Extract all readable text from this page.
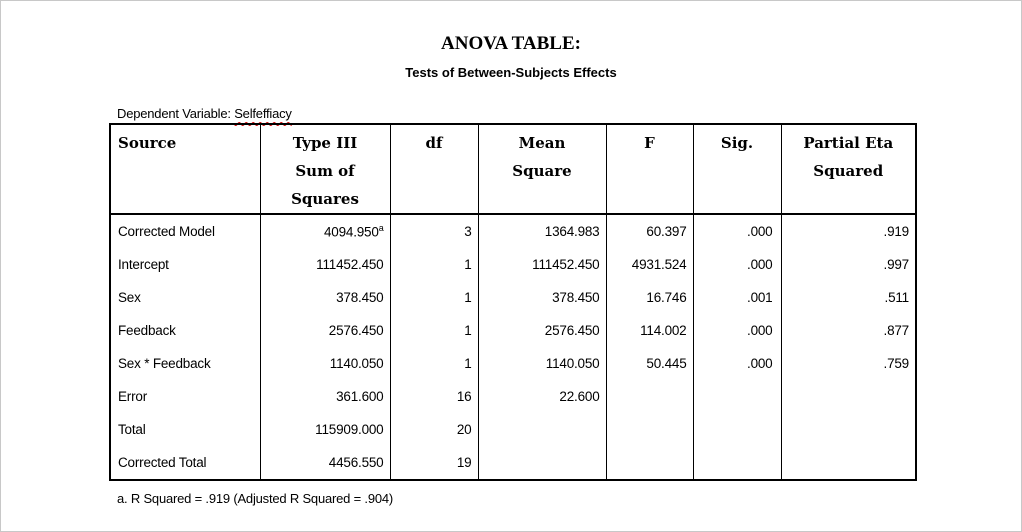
ANOVA TABLE:
Tests of Between-Subjects Effects
Dependent Variable: Selfeffiacy
Source	Type III Sum of Squares	df	Mean Square	F	Sig.	Partial Eta Squared
Corrected Model	4094.950$^a$	3	1364.983	60.397	.000	.919
Intercept	111452.450	1	111452.450	4931.524	.000	.997
Sex	378.450	1	378.450	16.746	.001	.511
Feedback	2576.450	1	2576.450	114.002	.000	.877
Sex * Feedback	1140.050	1	1140.050	50.445	.000	.759
Error	361.600	16	22.600			
Total	115909.000	20				
Corrected Total	4456.550	19				
a. R Squared = .919 (Adjusted R Squared = .904)
